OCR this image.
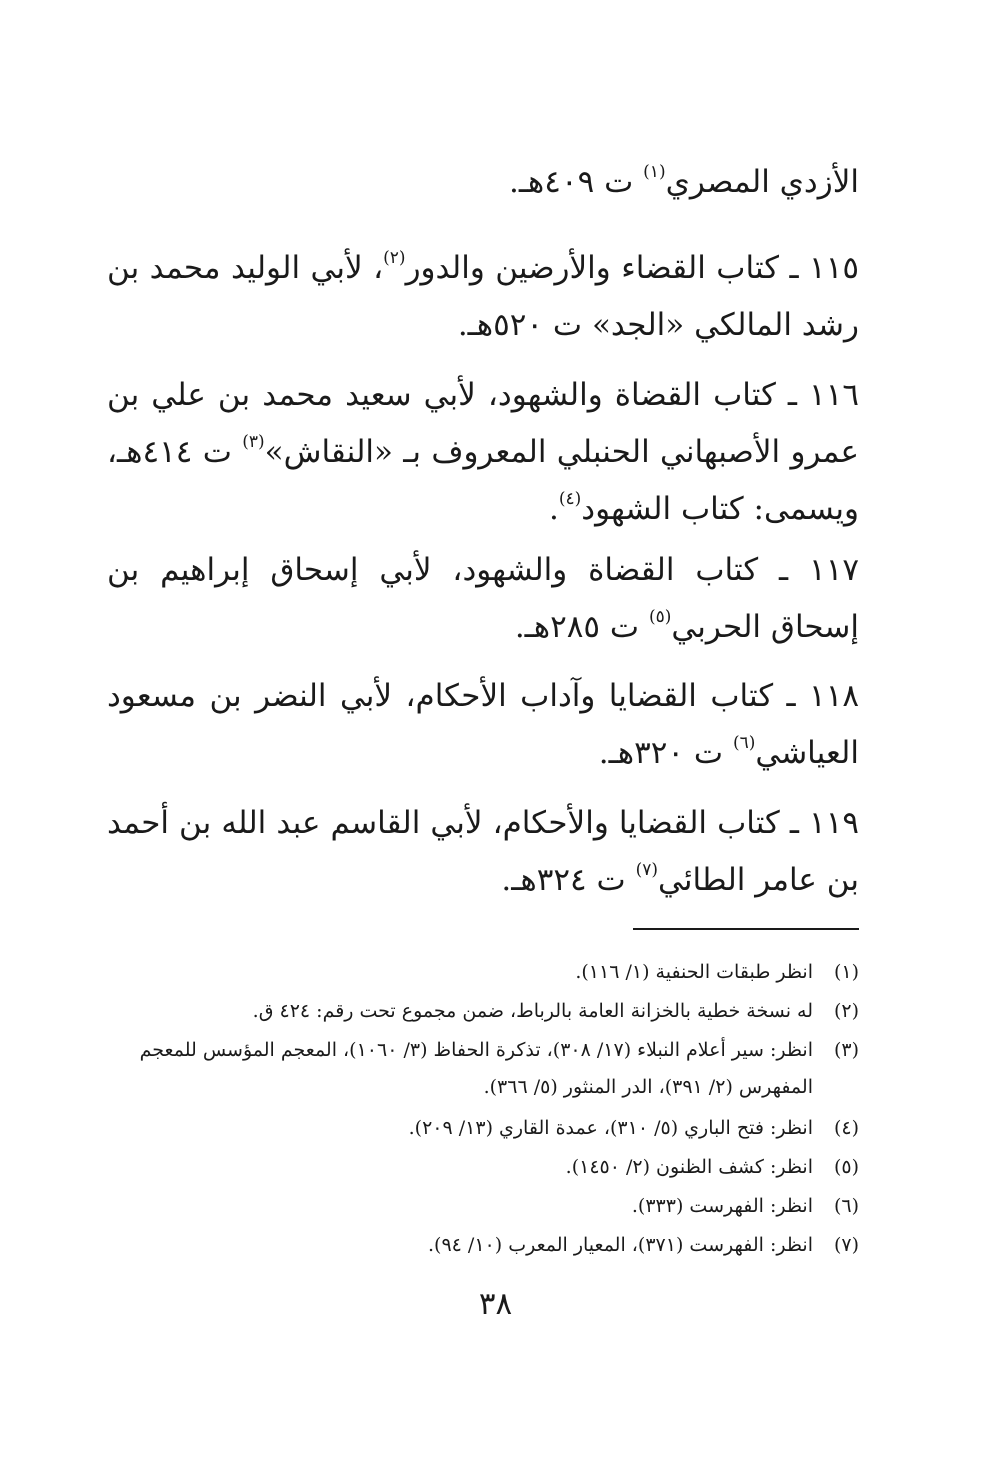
الأزدي المصري$^{(١)}$ ت ٤٠٩هـ.

١١٥ ـ كتاب القضاء والأرضين والدور$^{(٢)}$، لأبي الوليد محمد بن رشد المالكي «الجد» ت ٥٢٠هـ.

١١٦ ـ كتاب القضاة والشهود، لأبي سعيد محمد بن علي بن عمرو الأصبهاني الحنبلي المعروف بـ «النقاش»$^{(٣)}$ ت ٤١٤هـ، ويسمى: كتاب الشهود$^{(٤)}$.

١١٧ ـ كتاب القضاة والشهود، لأبي إسحاق إبراهيم بن إسحاق الحربي$^{(٥)}$ ت ٢٨٥هـ.

١١٨ ـ كتاب القضايا وآداب الأحكام، لأبي النضر بن مسعود العياشي$^{(٦)}$ ت ٣٢٠هـ.

١١٩ ـ كتاب القضايا والأحكام، لأبي القاسم عبد الله بن أحمد بن عامر الطائي$^{(٧)}$ ت ٣٢٤هـ.

(١)
انظر طبقات الحنفية (١/ ١١٦).
(٢)
له نسخة خطية بالخزانة العامة بالرباط، ضمن مجموع تحت رقم: ٤٢٤ ق.
(٣)
انظر: سير أعلام النبلاء (١٧/ ٣٠٨)، تذكرة الحفاظ (٣/ ١٠٦٠)، المعجم المؤسس للمعجم المفهرس (٢/ ٣٩١)، الدر المنثور (٥/ ٣٦٦).
(٤)
انظر: فتح الباري (٥/ ٣١٠)، عمدة القاري (١٣/ ٢٠٩).
(٥)
انظر: كشف الظنون (٢/ ١٤٥٠).
(٦)
انظر: الفهرست (٣٣٣).
(٧)
انظر: الفهرست (٣٧١)، المعيار المعرب (١٠/ ٩٤).
٣٨
